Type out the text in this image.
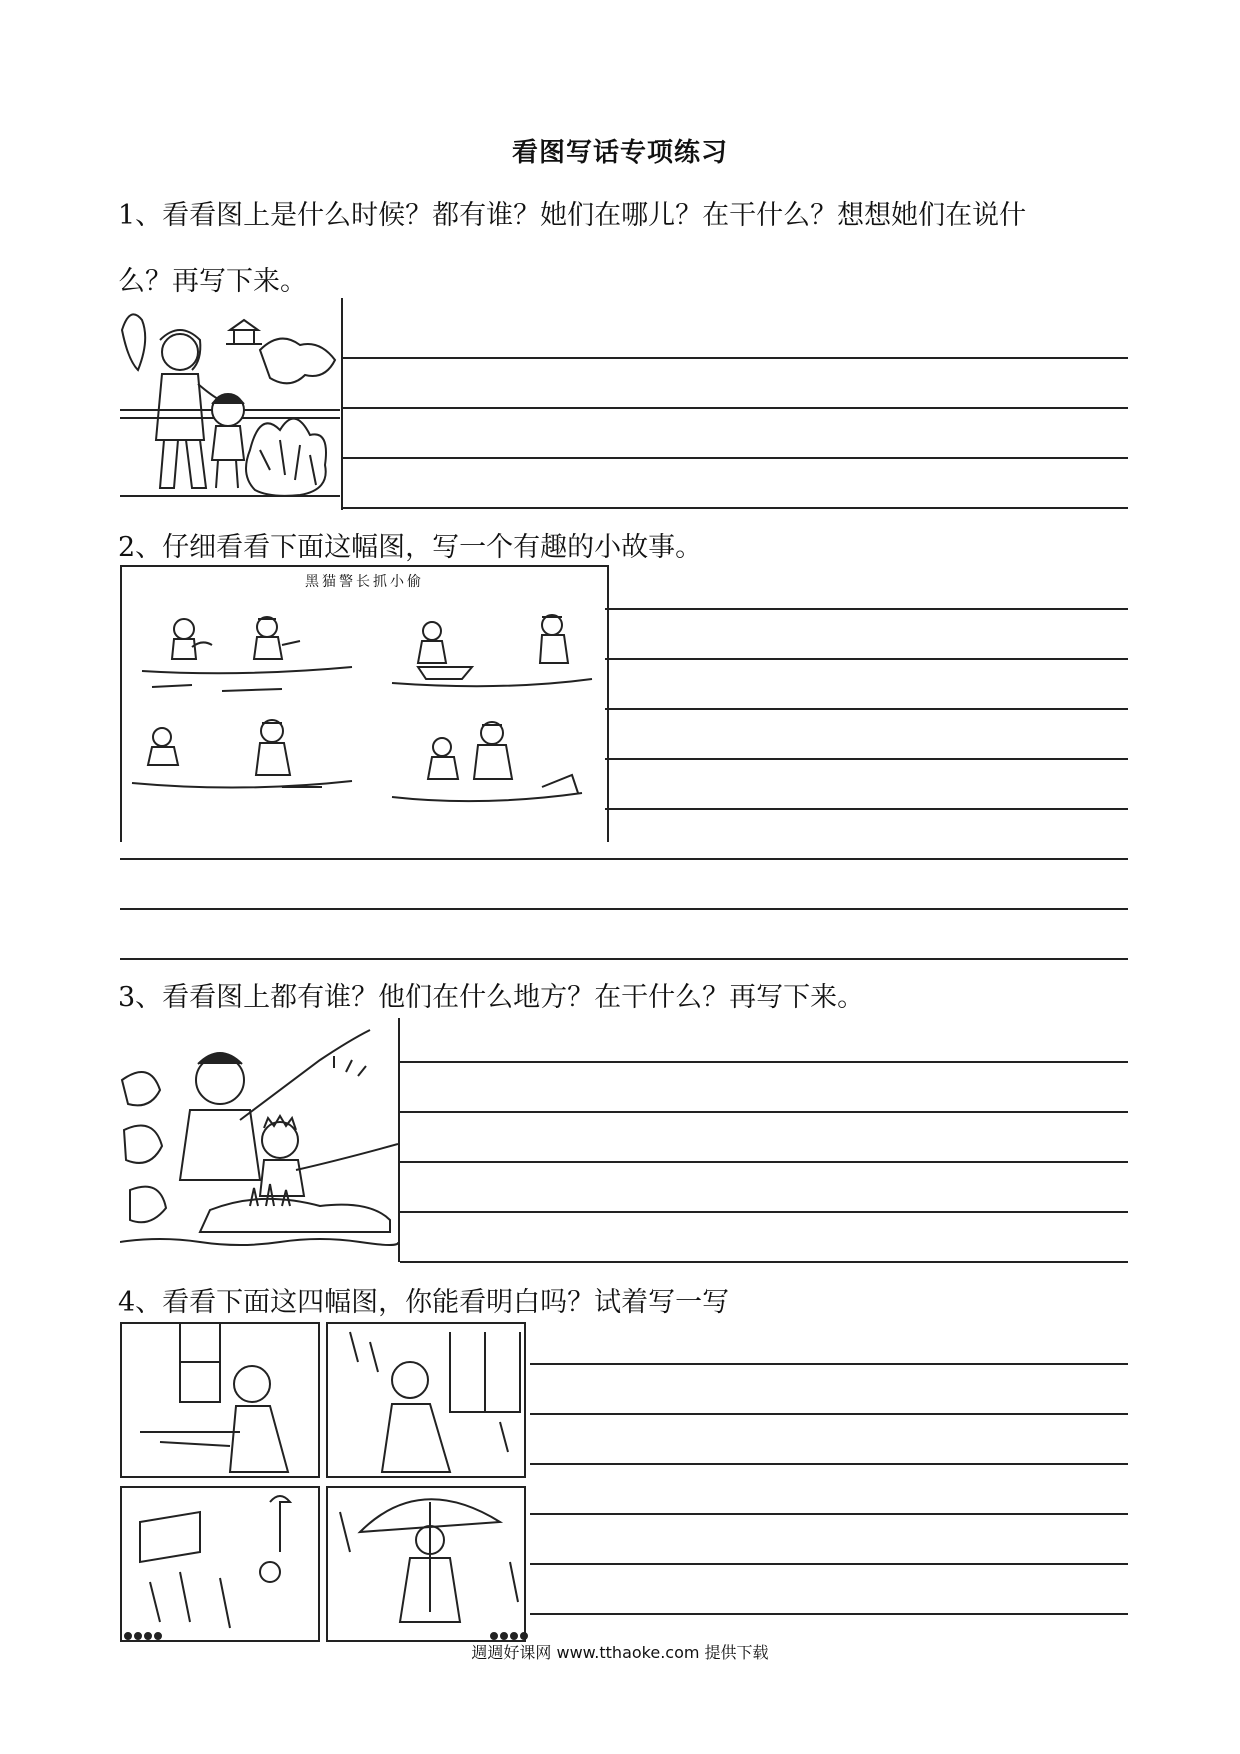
看图写话专项练习
1、看看图上是什么时候？都有谁？她们在哪儿？在干什么？想想她们在说什
么？再写下来。
2、仔细看看下面这幅图，写一个有趣的小故事。
黑猫警长抓小偷
3、看看图上都有谁？他们在什么地方？在干什么？再写下来。
4、看看下面这四幅图，你能看明白吗？试着写一写
週週好课网 www.tthaoke.com 提供下载
